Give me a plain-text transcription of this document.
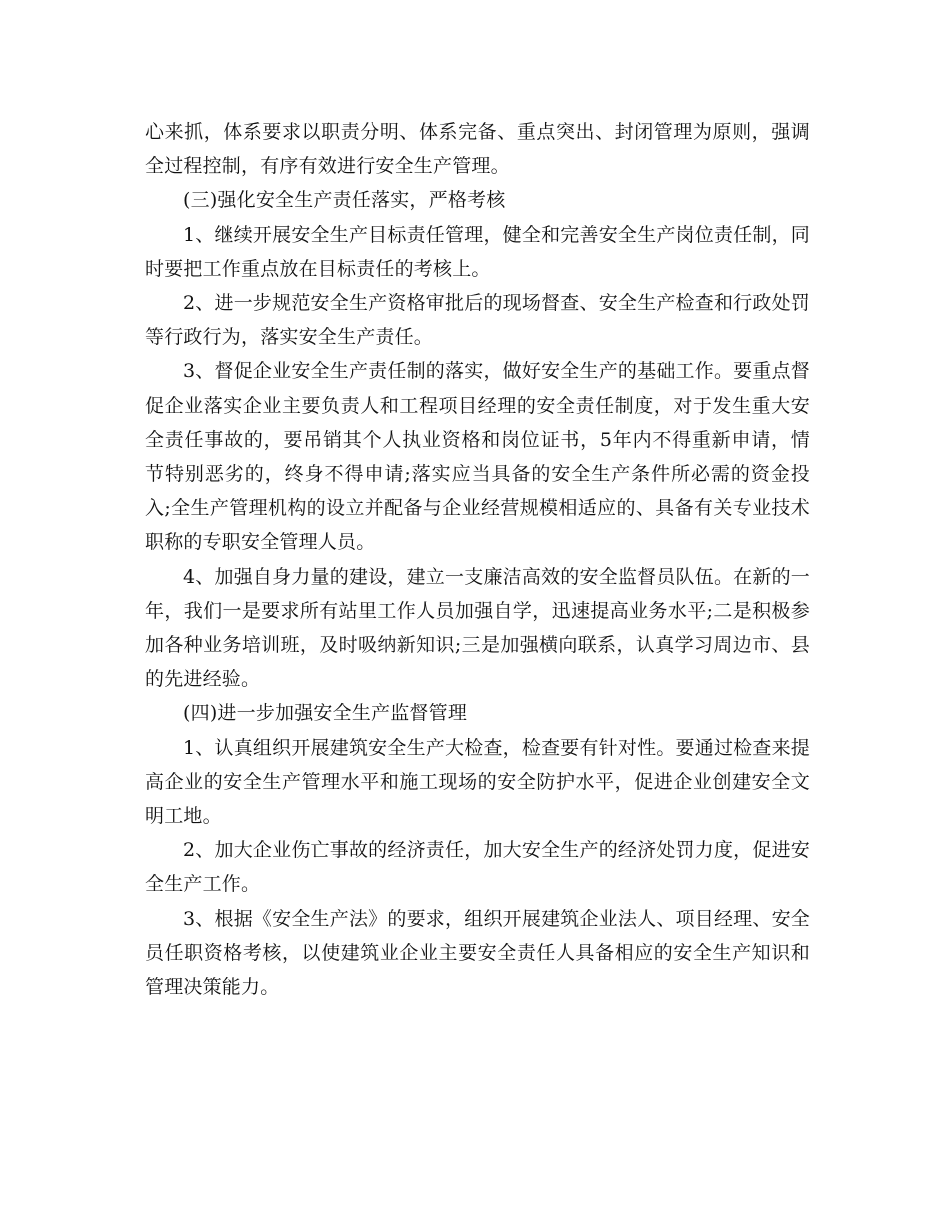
心来抓，体系要求以职责分明、体系完备、重点突出、封闭管理为原则，强调全过程控制，有序有效进行安全生产管理。

(三)强化安全生产责任落实，严格考核

1、继续开展安全生产目标责任管理，健全和完善安全生产岗位责任制，同时要把工作重点放在目标责任的考核上。

2、进一步规范安全生产资格审批后的现场督查、安全生产检查和行政处罚等行政行为，落实安全生产责任。

3、督促企业安全生产责任制的落实，做好安全生产的基础工作。要重点督促企业落实企业主要负责人和工程项目经理的安全责任制度，对于发生重大安全责任事故的，要吊销其个人执业资格和岗位证书，5年内不得重新申请，情节特别恶劣的，终身不得申请;落实应当具备的安全生产条件所必需的资金投入;全生产管理机构的设立并配备与企业经营规模相适应的、具备有关专业技术职称的专职安全管理人员。

4、加强自身力量的建设，建立一支廉洁高效的安全监督员队伍。在新的一年，我们一是要求所有站里工作人员加强自学，迅速提高业务水平;二是积极参加各种业务培训班，及时吸纳新知识;三是加强横向联系，认真学习周边市、县的先进经验。

(四)进一步加强安全生产监督管理

1、认真组织开展建筑安全生产大检查，检查要有针对性。要通过检查来提高企业的安全生产管理水平和施工现场的安全防护水平，促进企业创建安全文明工地。

2、加大企业伤亡事故的经济责任，加大安全生产的经济处罚力度，促进安全生产工作。

3、根据《安全生产法》的要求，组织开展建筑企业法人、项目经理、安全员任职资格考核，以使建筑业企业主要安全责任人具备相应的安全生产知识和管理决策能力。
